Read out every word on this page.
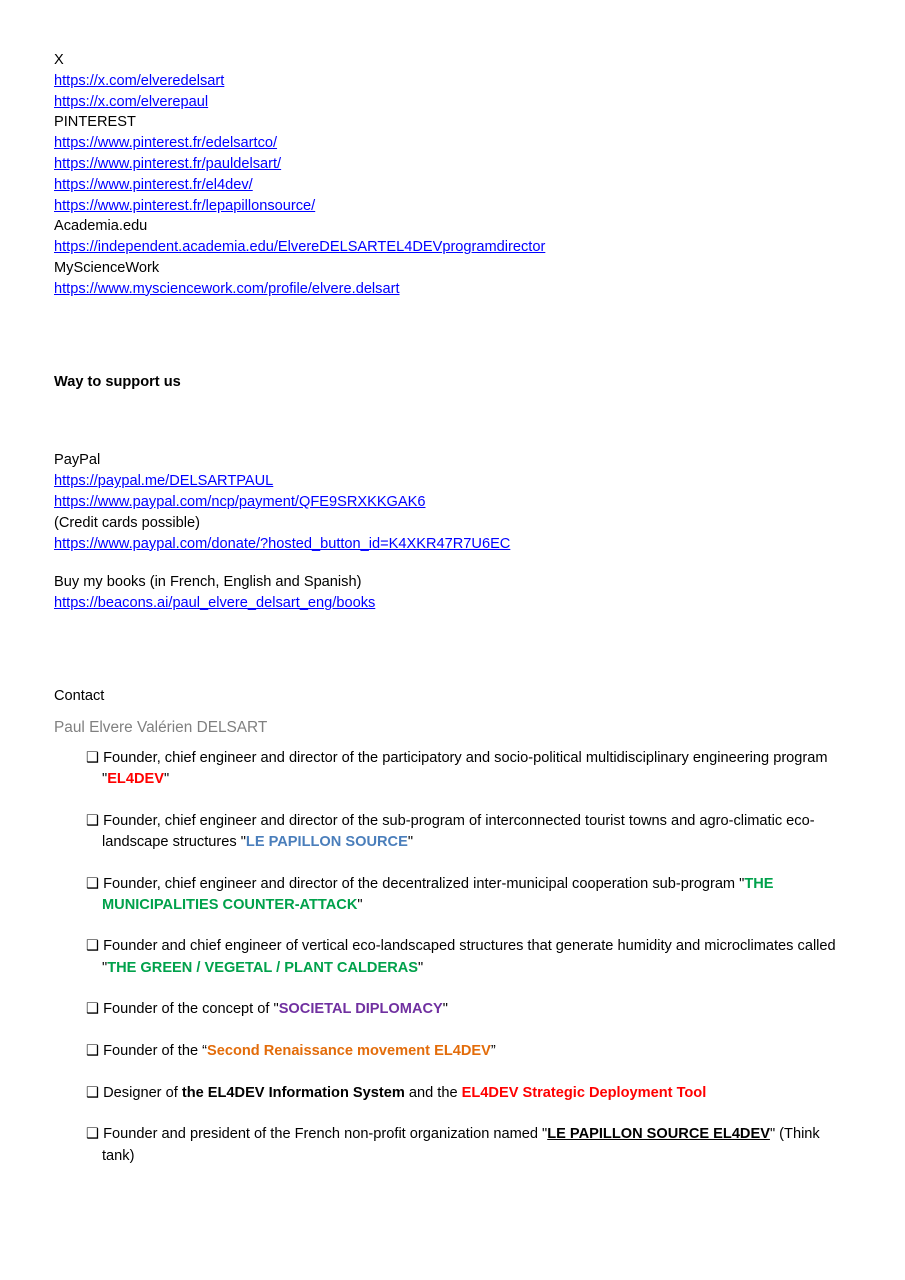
X
https://x.com/elveredelsart
https://x.com/elverepaul
PINTEREST
https://www.pinterest.fr/edelsartco/
https://www.pinterest.fr/pauldelsart/
https://www.pinterest.fr/el4dev/
https://www.pinterest.fr/lepapillonsource/
Academia.edu
https://independent.academia.edu/ElvereDELSARTEL4DEVprogramdirector
MyScienceWork
https://www.mysciencework.com/profile/elvere.delsart
Way to support us
PayPal
https://paypal.me/DELSARTPAUL
https://www.paypal.com/ncp/payment/QFE9SRXKKGAK6
(Credit cards possible)
https://www.paypal.com/donate/?hosted_button_id=K4XKR47R7U6EC
Buy my books (in French, English and Spanish)
https://beacons.ai/paul_elvere_delsart_eng/books
Contact
Paul Elvere Valérien DELSART
❑ Founder, chief engineer and director of the participatory and socio-political multidisciplinary engineering program "EL4DEV"
❑ Founder, chief engineer and director of the sub-program of interconnected tourist towns and agro-climatic eco-landscape structures "LE PAPILLON SOURCE"
❑ Founder, chief engineer and director of the decentralized inter-municipal cooperation sub-program "THE MUNICIPALITIES COUNTER-ATTACK"
❑ Founder and chief engineer of vertical eco-landscaped structures that generate humidity and microclimates called "THE GREEN / VEGETAL / PLANT CALDERAS"
❑ Founder of the concept of "SOCIETAL DIPLOMACY"
❑ Founder of the “Second Renaissance movement EL4DEV”
❑ Designer of the EL4DEV Information System and the EL4DEV Strategic Deployment Tool
❑ Founder and president of the French non-profit organization named "LE PAPILLON SOURCE EL4DEV" (Think tank)
